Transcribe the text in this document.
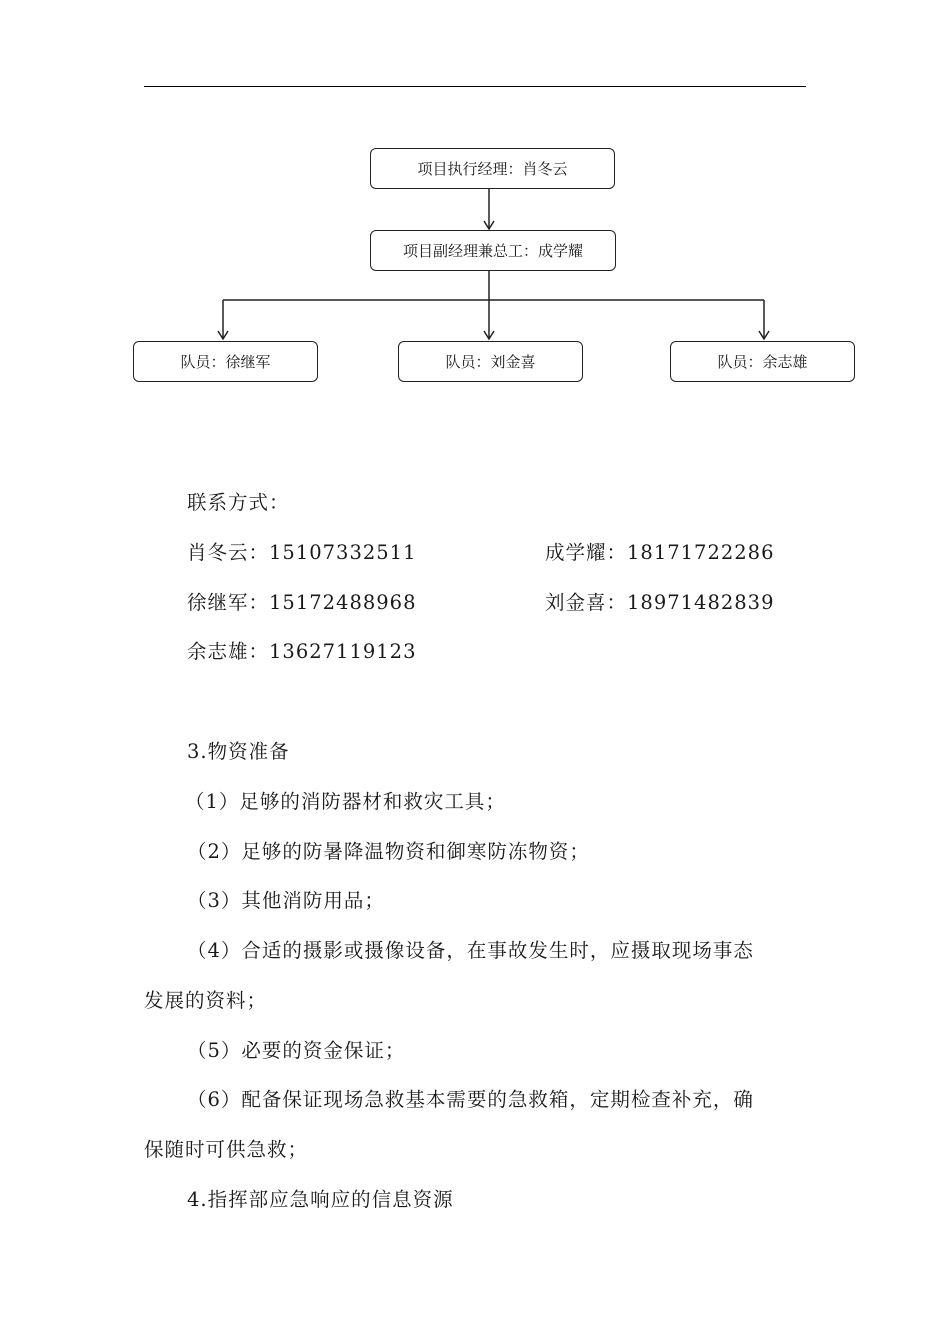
项目执行经理：肖冬云
项目副经理兼总工：成学耀
队员：徐继军	队员：刘金喜	队员：余志雄
联系方式：
肖冬云：15107332511	成学耀：18171722286
徐继军：15172488968	刘金喜：18971482839
余志雄：13627119123
3.物资准备
（1）足够的消防器材和救灾工具；
（2）足够的防暑降温物资和御寒防冻物资；
（3）其他消防用品；
（4）合适的摄影或摄像设备，在事故发生时，应摄取现场事态
发展的资料；
（5）必要的资金保证；
（6）配备保证现场急救基本需要的急救箱，定期检查补充，确
保随时可供急救；
4.指挥部应急响应的信息资源
